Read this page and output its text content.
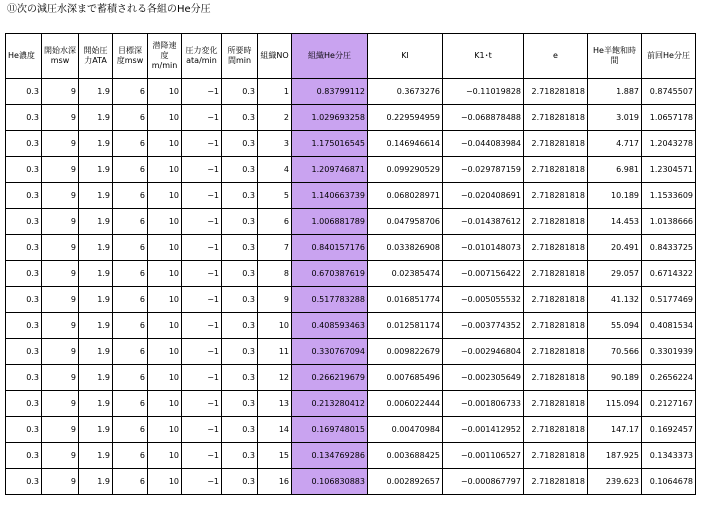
⑪次の減圧水深まで蓄積される各組のHe分圧
He濃度	開始水深msw	開始圧力ATA	目標深度msw	潜降速度m/min	圧力変化ata/min	所要時間min	組織NO	組織He分圧	KI	K1･t	e	He半飽和時間	前回He分圧
0.3	9	1.9	6	10	−1	0.3	1	0.83799112	0.3673276	−0.11019828	2.718281818	1.887	0.8745507
0.3	9	1.9	6	10	−1	0.3	2	1.029693258	0.229594959	−0.068878488	2.718281818	3.019	1.0657178
0.3	9	1.9	6	10	−1	0.3	3	1.175016545	0.146946614	−0.044083984	2.718281818	4.717	1.2043278
0.3	9	1.9	6	10	−1	0.3	4	1.209746871	0.099290529	−0.029787159	2.718281818	6.981	1.2304571
0.3	9	1.9	6	10	−1	0.3	5	1.140663739	0.068028971	−0.020408691	2.718281818	10.189	1.1533609
0.3	9	1.9	6	10	−1	0.3	6	1.006881789	0.047958706	−0.014387612	2.718281818	14.453	1.0138666
0.3	9	1.9	6	10	−1	0.3	7	0.840157176	0.033826908	−0.010148073	2.718281818	20.491	0.8433725
0.3	9	1.9	6	10	−1	0.3	8	0.670387619	0.02385474	−0.007156422	2.718281818	29.057	0.6714322
0.3	9	1.9	6	10	−1	0.3	9	0.517783288	0.016851774	−0.005055532	2.718281818	41.132	0.5177469
0.3	9	1.9	6	10	−1	0.3	10	0.408593463	0.012581174	−0.003774352	2.718281818	55.094	0.4081534
0.3	9	1.9	6	10	−1	0.3	11	0.330767094	0.009822679	−0.002946804	2.718281818	70.566	0.3301939
0.3	9	1.9	6	10	−1	0.3	12	0.266219679	0.007685496	−0.002305649	2.718281818	90.189	0.2656224
0.3	9	1.9	6	10	−1	0.3	13	0.213280412	0.006022444	−0.001806733	2.718281818	115.094	0.2127167
0.3	9	1.9	6	10	−1	0.3	14	0.169748015	0.00470984	−0.001412952	2.718281818	147.17	0.1692457
0.3	9	1.9	6	10	−1	0.3	15	0.134769286	0.003688425	−0.001106527	2.718281818	187.925	0.1343373
0.3	9	1.9	6	10	−1	0.3	16	0.106830883	0.002892657	−0.000867797	2.718281818	239.623	0.1064678
